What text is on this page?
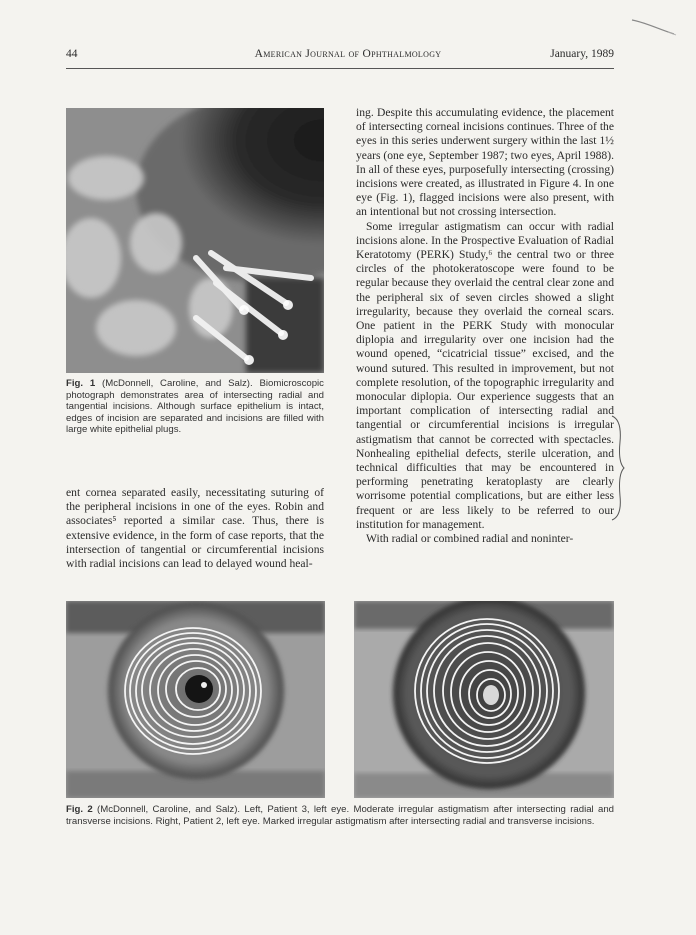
44	American Journal of Ophthalmology	January, 1989
Fig. 1 (McDonnell, Caroline, and Salz). Biomicroscopic photograph demonstrates area of intersecting radial and tangential incisions. Although surface epithelium is intact, edges of incision are separated and incisions are filled with large white epithelial plugs.

ent cornea separated easily, necessitating suturing of the peripheral incisions in one of the eyes. Robin and associates⁵ reported a similar case. Thus, there is extensive evidence, in the form of case reports, that the intersection of tangential or circumferential incisions with radial incisions can lead to delayed wound heal-

ing. Despite this accumulating evidence, the placement of intersecting corneal incisions continues. Three of the eyes in this series underwent surgery within the last 1½ years (one eye, September 1987; two eyes, April 1988). In all of these eyes, purposefully intersecting (crossing) incisions were created, as illustrated in Figure 4. In one eye (Fig. 1), flagged incisions were also present, with an intentional but not crossing intersection.

Some irregular astigmatism can occur with radial incisions alone. In the Prospective Evaluation of Radial Keratotomy (PERK) Study,⁶ the central two or three circles of the photokeratoscope were found to be regular because they overlaid the central clear zone and the peripheral six of seven circles showed a slight irregularity, because they overlaid the corneal scars. One patient in the PERK Study with monocular diplopia and irregularity over one incision had the wound opened, “cicatricial tissue” excised, and the wound sutured. This resulted in improvement, but not complete resolution, of the topographic irregularity and monocular diplopia. Our experience suggests that an important complication of intersecting radial and tangential or circumferential incisions is irregular astigmatism that cannot be corrected with spectacles. Nonhealing epithelial defects, sterile ulceration, and technical difficulties that may be encountered in performing penetrating keratoplasty are clearly worrisome potential complications, but are either less frequent or are less likely to be referred to our institution for management.

With radial or combined radial and noninter-

Fig. 2 (McDonnell, Caroline, and Salz). Left, Patient 3, left eye. Moderate irregular astigmatism after intersecting radial and transverse incisions. Right, Patient 2, left eye. Marked irregular astigmatism after intersecting radial and transverse incisions.
